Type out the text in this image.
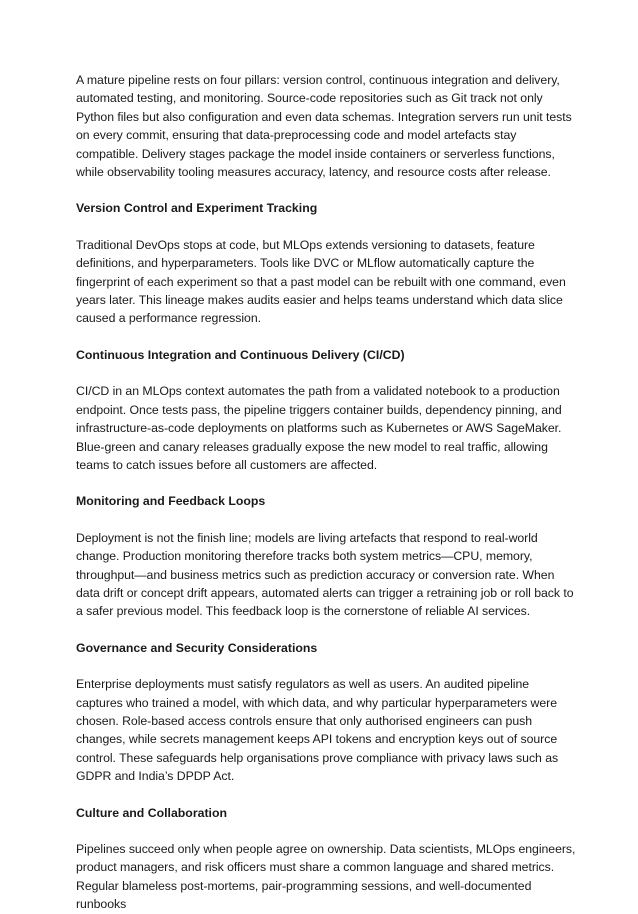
A mature pipeline rests on four pillars: version control, continuous integration and delivery, automated testing, and monitoring. Source-code repositories such as Git track not only Python files but also configuration and even data schemas. Integration servers run unit tests on every commit, ensuring that data-preprocessing code and model artefacts stay compatible. Delivery stages package the model inside containers or serverless functions, while observability tooling measures accuracy, latency, and resource costs after release.

Version Control and Experiment Tracking

Traditional DevOps stops at code, but MLOps extends versioning to datasets, feature definitions, and hyperparameters. Tools like DVC or MLflow automatically capture the fingerprint of each experiment so that a past model can be rebuilt with one command, even years later. This lineage makes audits easier and helps teams understand which data slice caused a performance regression.

Continuous Integration and Continuous Delivery (CI/CD)

CI/CD in an MLOps context automates the path from a validated notebook to a production endpoint. Once tests pass, the pipeline triggers container builds, dependency pinning, and infrastructure-as-code deployments on platforms such as Kubernetes or AWS SageMaker. Blue-green and canary releases gradually expose the new model to real traffic, allowing teams to catch issues before all customers are affected.

Monitoring and Feedback Loops

Deployment is not the finish line; models are living artefacts that respond to real-world change. Production monitoring therefore tracks both system metrics—CPU, memory, throughput—and business metrics such as prediction accuracy or conversion rate. When data drift or concept drift appears, automated alerts can trigger a retraining job or roll back to a safer previous model. This feedback loop is the cornerstone of reliable AI services.

Governance and Security Considerations

Enterprise deployments must satisfy regulators as well as users. An audited pipeline captures who trained a model, with which data, and why particular hyperparameters were chosen. Role-based access controls ensure that only authorised engineers can push changes, while secrets management keeps API tokens and encryption keys out of source control. These safeguards help organisations prove compliance with privacy laws such as GDPR and India’s DPDP Act.

Culture and Collaboration

Pipelines succeed only when people agree on ownership. Data scientists, MLOps engineers, product managers, and risk officers must share a common language and shared metrics. Regular blameless post-mortems, pair-programming sessions, and well-documented runbooks
